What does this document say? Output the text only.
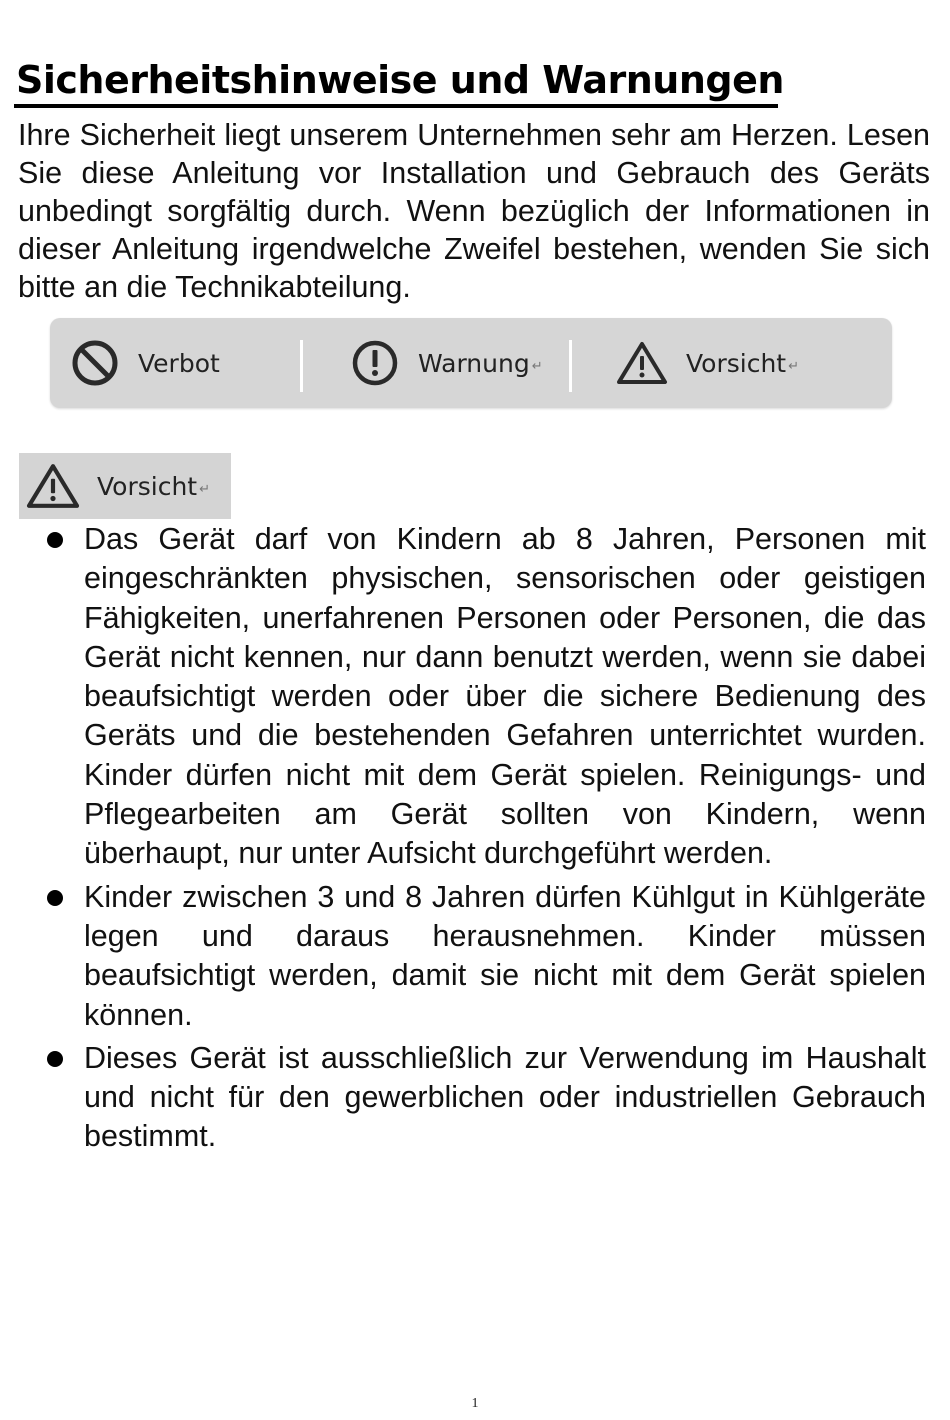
Sicherheitshinweise und Warnungen

Ihre Sicherheit liegt unserem Unternehmen sehr am Herzen. Lesen Sie diese Anleitung vor Installation und Gebrauch des Geräts unbedingt sorgfältig durch. Wenn bezüglich der Informationen in dieser Anleitung irgendwelche Zweifel bestehen, wenden Sie sich bitte an die Technikabteilung.

Verbot	Warnung ↵	Vorsicht ↵
Vorsicht ↵
Das Gerät darf von Kindern ab 8 Jahren, Personen mit eingeschränkten physischen, sensorischen oder geistigen Fähigkeiten, unerfahrenen Personen oder Personen, die das Gerät nicht kennen, nur dann benutzt werden, wenn sie dabei beaufsichtigt werden oder über die sichere Bedienung des Geräts und die bestehenden Gefahren unterrichtet wurden. Kinder dürfen nicht mit dem Gerät spielen. Reinigungs- und Pflegearbeiten am Gerät sollten von Kindern, wenn überhaupt, nur unter Aufsicht durchgeführt werden.
Kinder zwischen 3 und 8 Jahren dürfen Kühlgut in Kühlgeräte legen und daraus herausnehmen. Kinder müssen beaufsichtigt werden, damit sie nicht mit dem Gerät spielen können.
Dieses Gerät ist ausschließlich zur Verwendung im Haushalt und nicht für den gewerblichen oder industriellen Gebrauch bestimmt.
1
